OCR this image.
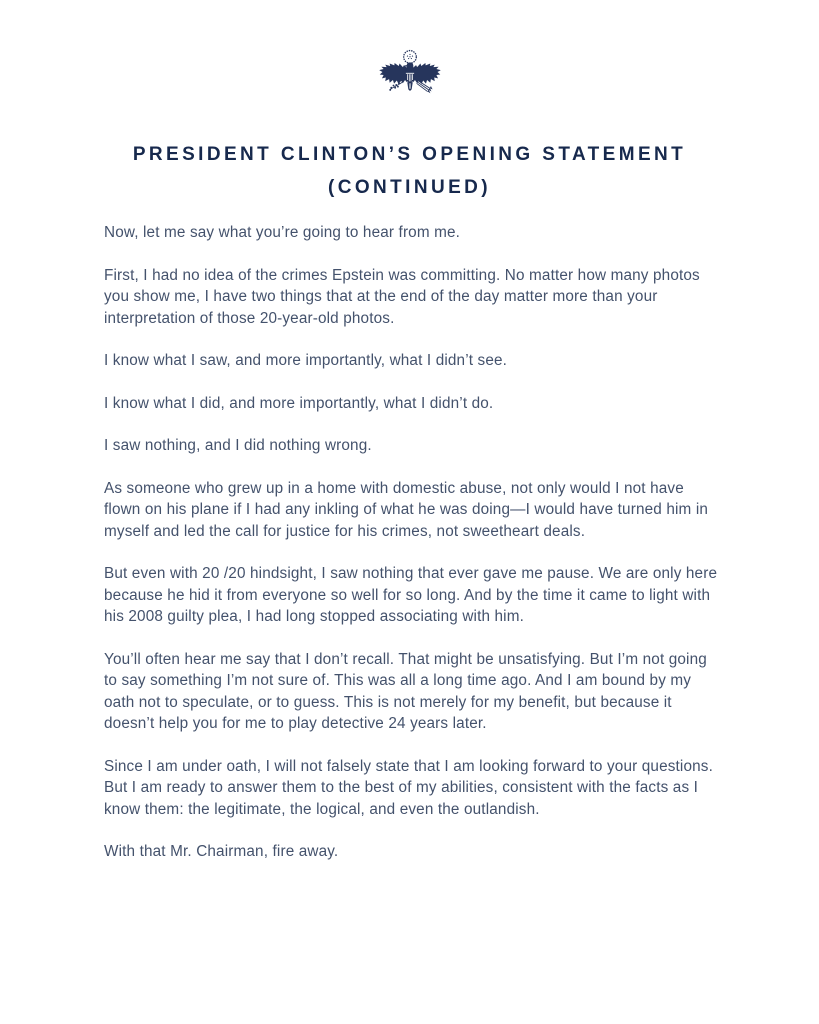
PRESIDENT CLINTON’S OPENING STATEMENT
(CONTINUED)

Now, let me say what you’re going to hear from me.

First, I had no idea of the crimes Epstein was committing. No matter how many photos you show me, I have two things that at the end of the day matter more than your interpretation of those 20-year-old photos.

I know what I saw, and more importantly, what I didn’t see.

I know what I did, and more importantly, what I didn’t do.

I saw nothing, and I did nothing wrong.

As someone who grew up in a home with domestic abuse, not only would I not have flown on his plane if I had any inkling of what he was doing—I would have turned him in myself and led the call for justice for his crimes, not sweetheart deals.

But even with 20 /20 hindsight, I saw nothing that ever gave me pause. We are only here because he hid it from everyone so well for so long. And by the time it came to light with his 2008 guilty plea, I had long stopped associating with him.

You’ll often hear me say that I don’t recall. That might be unsatisfying. But I’m not going to say something I’m not sure of. This was all a long time ago. And I am bound by my oath not to speculate, or to guess. This is not merely for my benefit, but because it doesn’t help you for me to play detective 24 years later.

Since I am under oath, I will not falsely state that I am looking forward to your questions. But I am ready to answer them to the best of my abilities, consistent with the facts as I know them: the legitimate, the logical, and even the outlandish.

With that Mr. Chairman, fire away.
